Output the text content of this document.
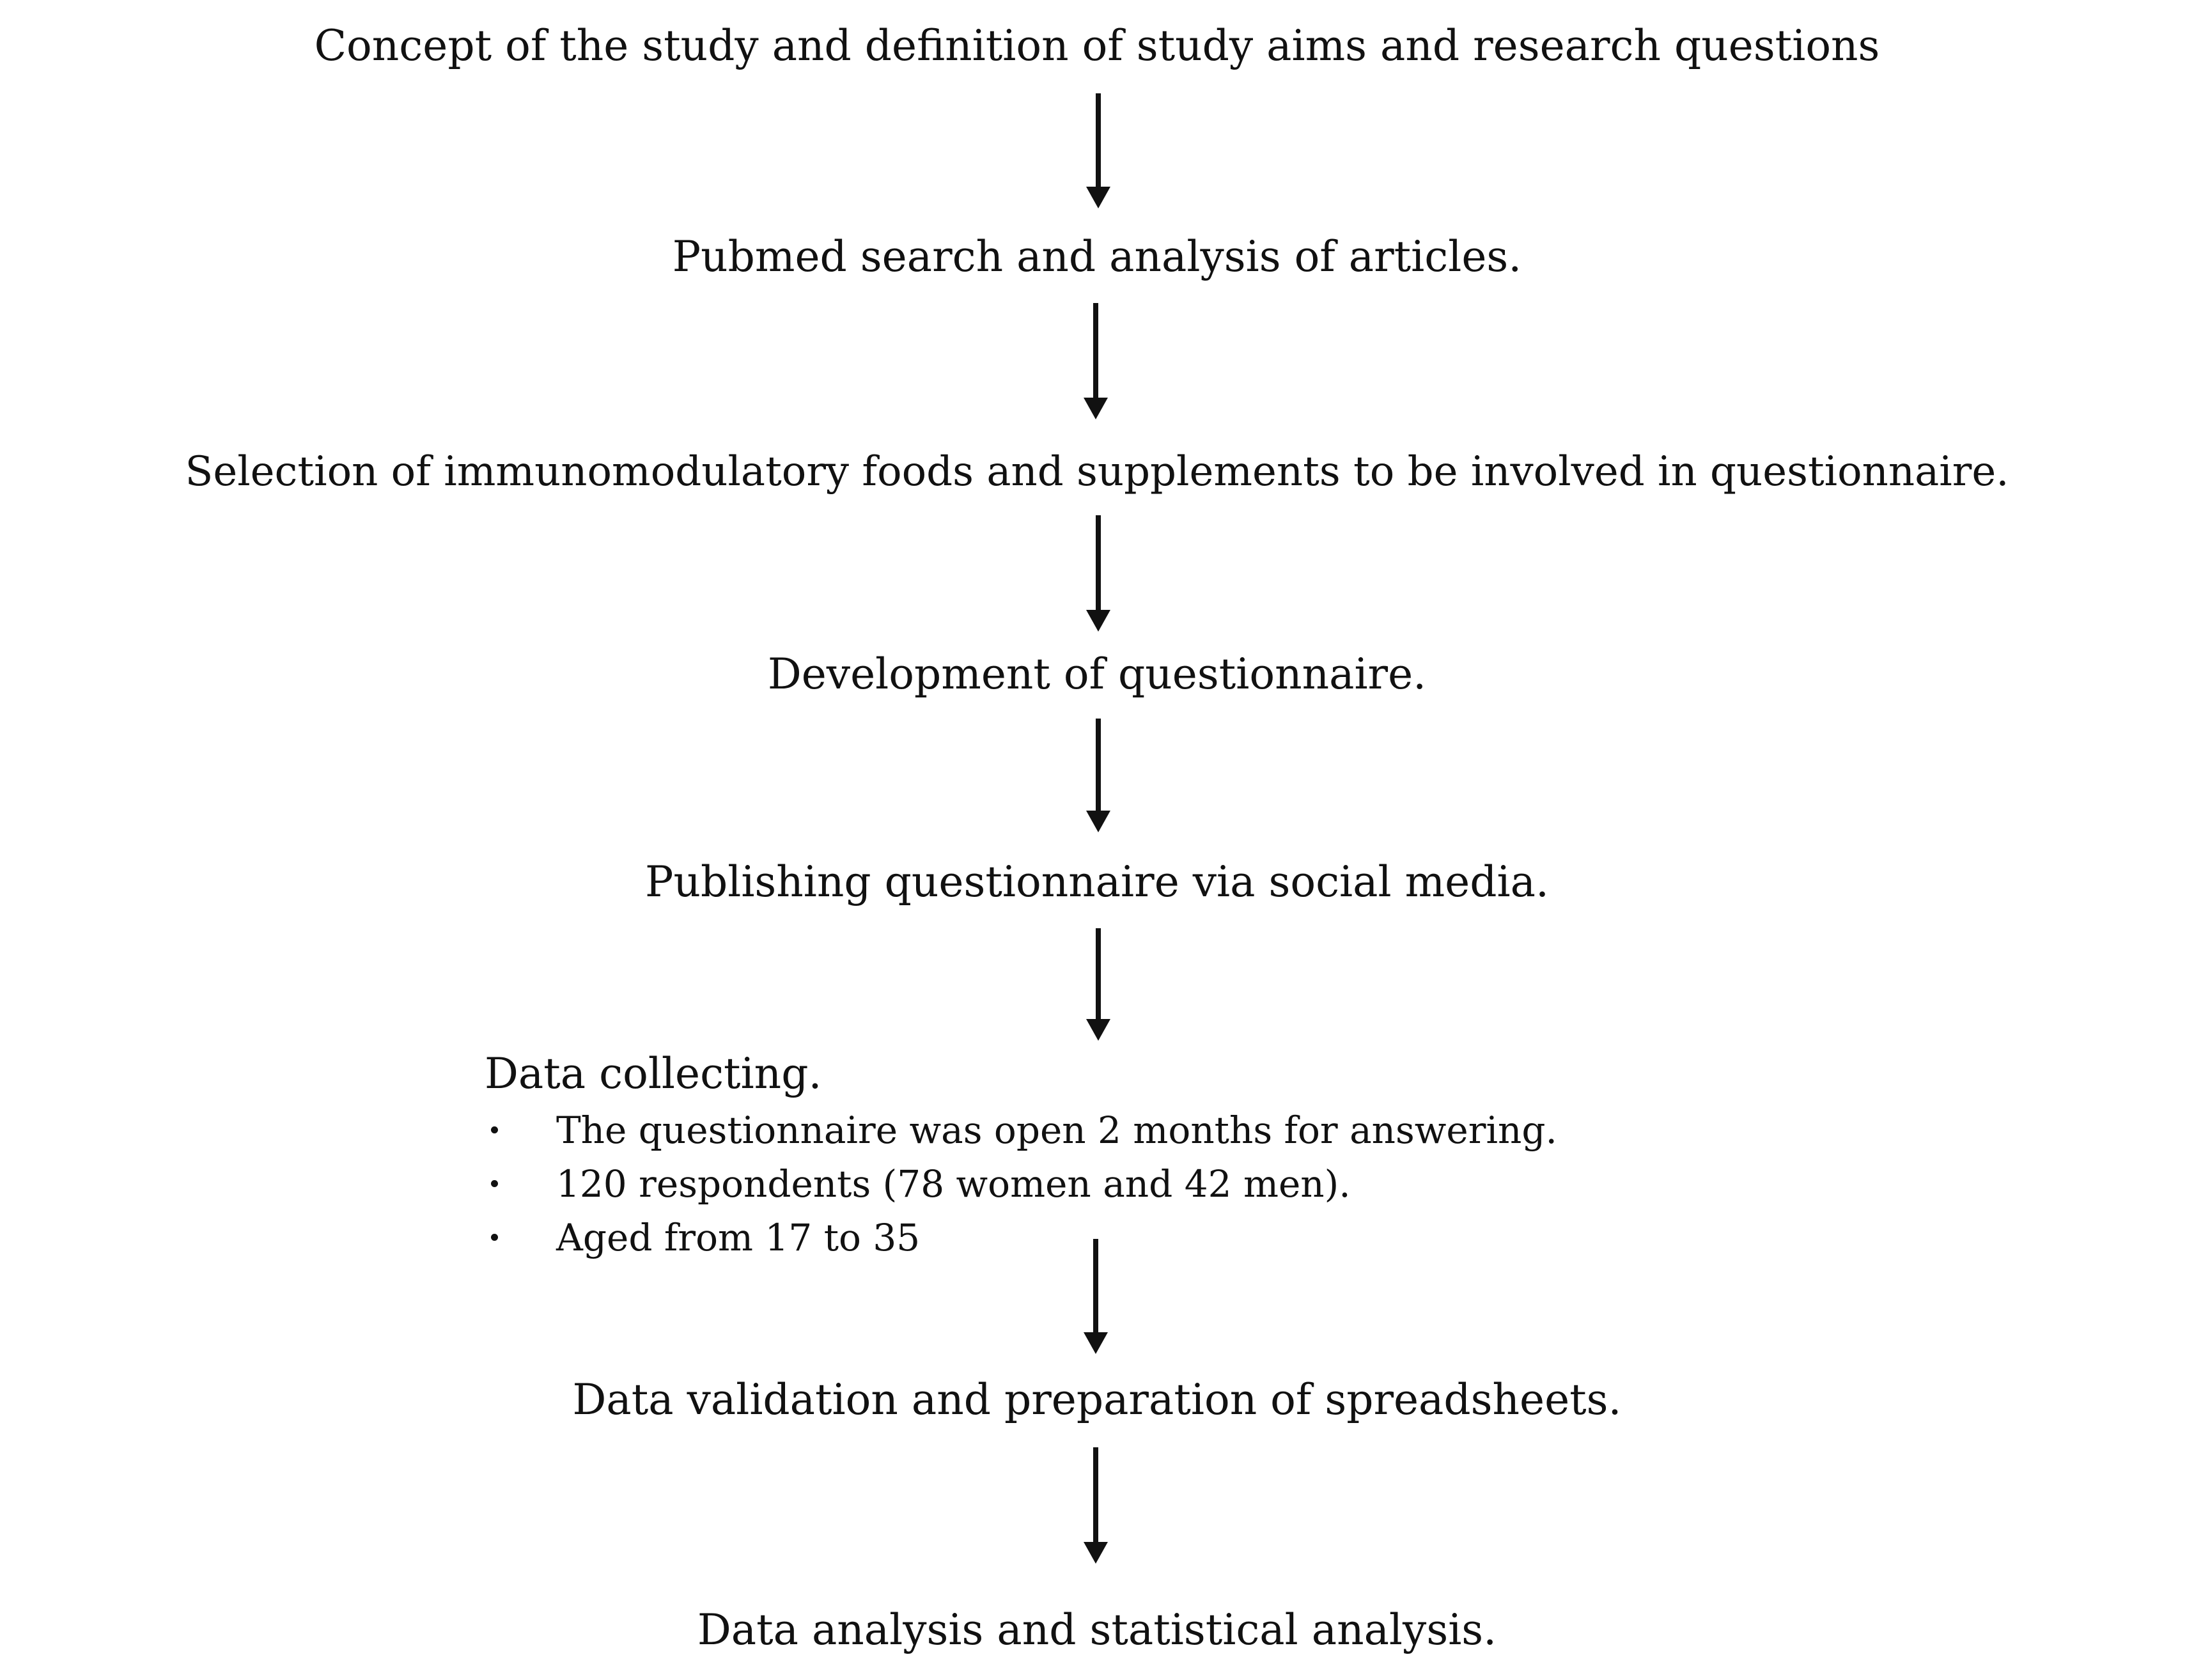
Concept of the study and definition of study aims and research questions
Pubmed search and analysis of articles.
Selection of immunomodulatory foods and supplements to be involved in questionnaire.
Development of questionnaire.
Publishing questionnaire via social media.
Data collecting.
The questionnaire was open 2 months for answering.
120 respondents (78 women and 42 men).
Aged from 17 to 35
Data validation and preparation of spreadsheets.
Data analysis and statistical analysis.
